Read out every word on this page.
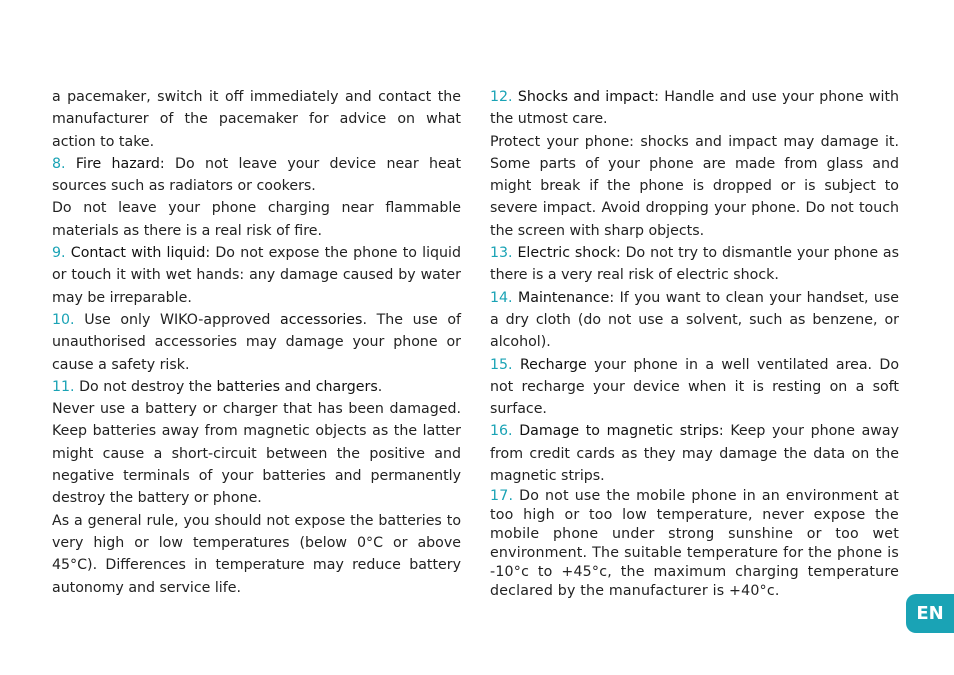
a pacemaker, switch it off immediately and contact the manufacturer of the pacemaker for advice on what action to take.

8. Fire hazard: Do not leave your device near heat sources such as radiators or cookers.

Do not leave your phone charging near flammable materials as there is a real risk of fire.

9. Contact with liquid: Do not expose the phone to liquid or touch it with wet hands: any damage caused by water may be irreparable.

10. Use only WIKO-approved accessories. The use of unauthorised accessories may damage your phone or cause a safety risk.

11. Do not destroy the batteries and chargers.

Never use a battery or charger that has been damaged. Keep batteries away from magnetic objects as the latter might cause a short-circuit between the positive and negative terminals of your batteries and permanently destroy the battery or phone.

As a general rule, you should not expose the batteries to very high or low temperatures (below 0°C or above 45°C). Differences in temperature may reduce battery autonomy and service life.

12. Shocks and impact: Handle and use your phone with the utmost care.

Protect your phone: shocks and impact may damage it. Some parts of your phone are made from glass and might break if the phone is dropped or is subject to severe impact. Avoid dropping your phone. Do not touch the screen with sharp objects.

13. Electric shock: Do not try to dismantle your phone as there is a very real risk of electric shock.

14. Maintenance: If you want to clean your handset, use a dry cloth (do not use a solvent, such as benzene, or alcohol).

15. Recharge your phone in a well ventilated area. Do not recharge your device when it is resting on a soft surface.

16. Damage to magnetic strips: Keep your phone away from credit cards as they may damage the data on the magnetic strips.

17. Do not use the mobile phone in an environment at too high or too low temperature, never expose the mobile phone under strong sunshine or too wet environment. The suitable temperature for the phone is -10°c to +45°c, the maximum charging temperature declared by the manufacturer is +40°c.

EN
